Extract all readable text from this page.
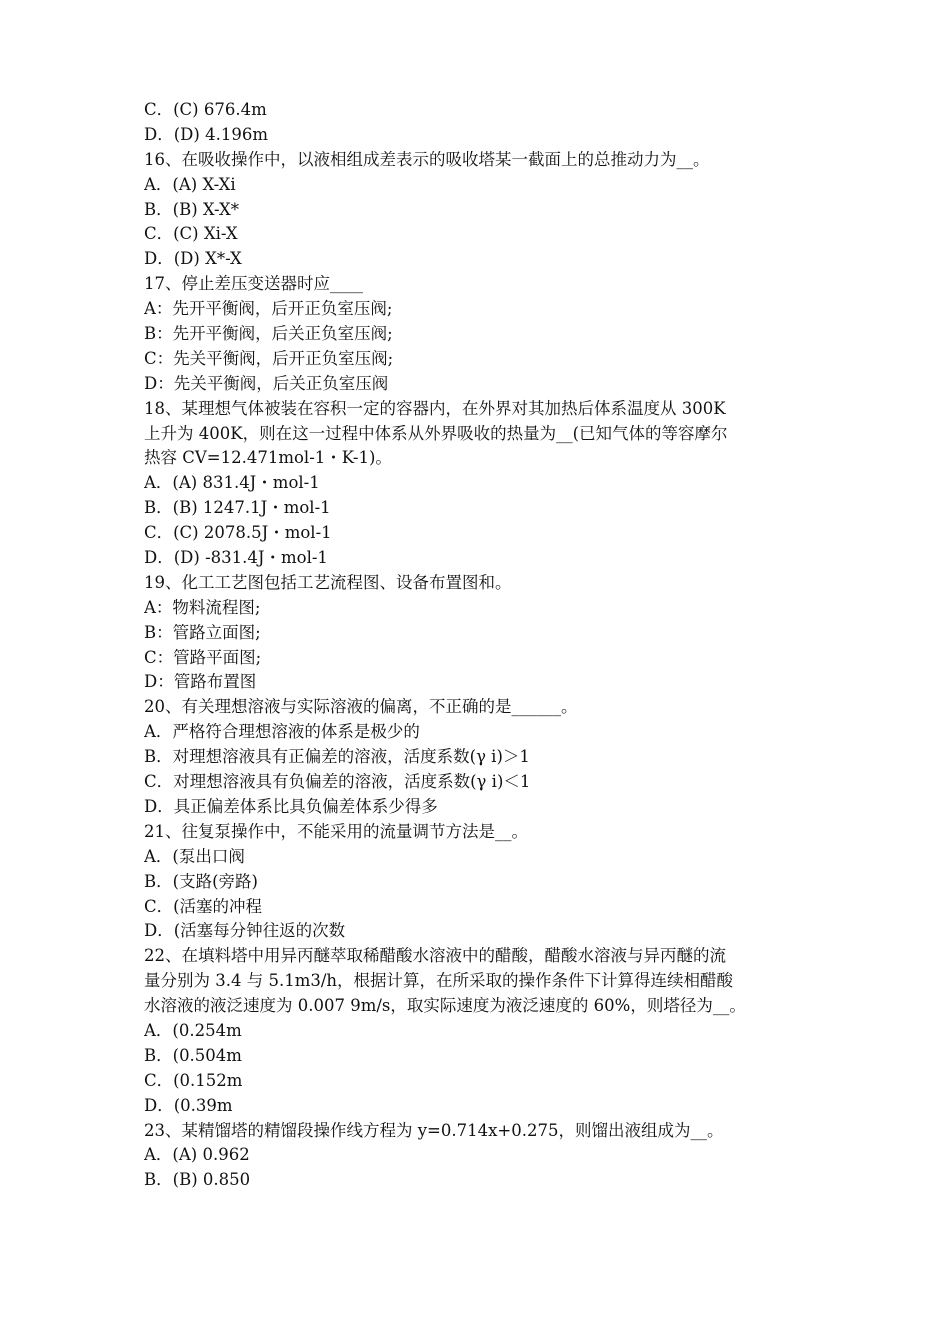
C．(C) 676.4m
D．(D) 4.196m
16、在吸收操作中，以液相组成差表示的吸收塔某一截面上的总推动力为__。
A．(A) X-Xi
B．(B) X-X*
C．(C) Xi-X
D．(D) X*-X
17、停止差压变送器时应____
A：先开平衡阀，后开正负室压阀;
B：先开平衡阀，后关正负室压阀;
C：先关平衡阀，后开正负室压阀;
D：先关平衡阀，后关正负室压阀
18、某理想气体被装在容积一定的容器内，在外界对其加热后体系温度从 300K
上升为 400K，则在这一过程中体系从外界吸收的热量为__(已知气体的等容摩尔
热容 CV=12.471mol-1・K-1)。
A．(A) 831.4J・mol-1
B．(B) 1247.1J・mol-1
C．(C) 2078.5J・mol-1
D．(D) -831.4J・mol-1
19、化工工艺图包括工艺流程图、设备布置图和。
A：物料流程图;
B：管路立面图;
C：管路平面图;
D：管路布置图
20、有关理想溶液与实际溶液的偏离，不正确的是______。
A．严格符合理想溶液的体系是极少的
B．对理想溶液具有正偏差的溶液，活度系数(γ i)＞1
C．对理想溶液具有负偏差的溶液，活度系数(γ i)＜1
D．具正偏差体系比具负偏差体系少得多
21、往复泵操作中，不能采用的流量调节方法是__。
A．(泵出口阀
B．(支路(旁路)
C．(活塞的冲程
D．(活塞每分钟往返的次数
22、在填料塔中用异丙醚萃取稀醋酸水溶液中的醋酸，醋酸水溶液与异丙醚的流
量分别为 3.4 与 5.1m3/h，根据计算，在所采取的操作条件下计算得连续相醋酸
水溶液的液泛速度为 0.007 9m/s，取实际速度为液泛速度的 60%，则塔径为__。
A．(0.254m
B．(0.504m
C．(0.152m
D．(0.39m
23、某精馏塔的精馏段操作线方程为 y=0.714x+0.275，则馏出液组成为__。
A．(A) 0.962
B．(B) 0.850
